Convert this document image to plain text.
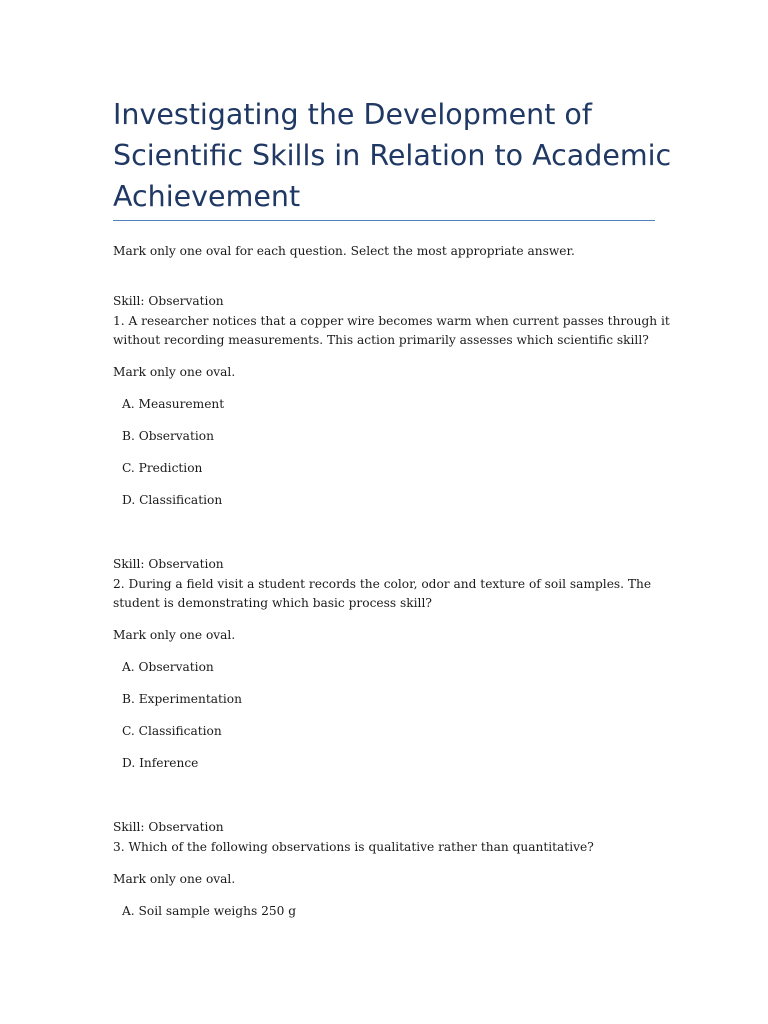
Investigating the Development of Scientific Skills in Relation to Academic Achievement

Mark only one oval for each question. Select the most appropriate answer.

Skill: Observation

1. A researcher notices that a copper wire becomes warm when current passes through it

without recording measurements. This action primarily assesses which scientific skill?

Mark only one oval.

A. Measurement

B. Observation

C. Prediction

D. Classification

Skill: Observation

2. During a field visit a student records the color, odor and texture of soil samples. The

student is demonstrating which basic process skill?

Mark only one oval.

A. Observation

B. Experimentation

C. Classification

D. Inference

Skill: Observation

3. Which of the following observations is qualitative rather than quantitative?

Mark only one oval.

A. Soil sample weighs 250 g
